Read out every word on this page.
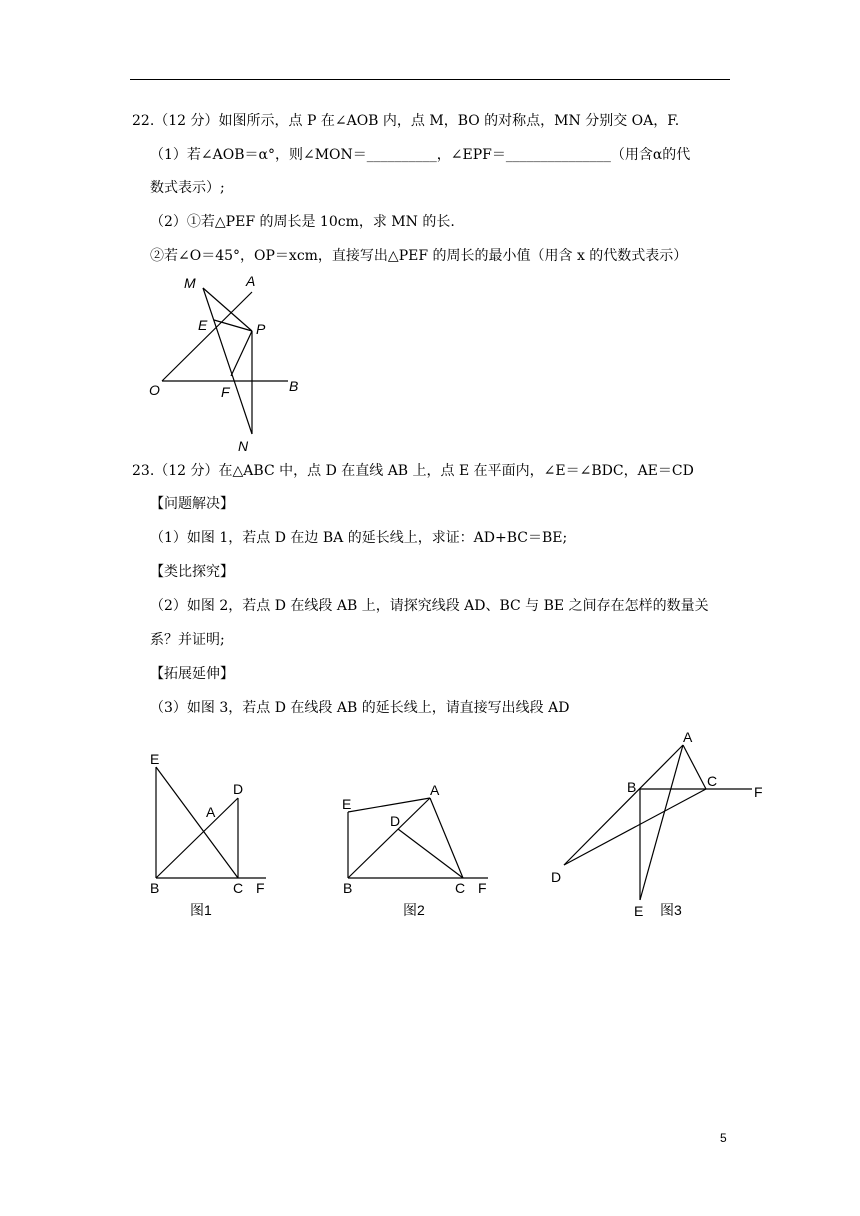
22.（12 分）如图所示，点 P 在∠AOB 内，点 M，BO 的对称点，MN 分别交 OA，F.
（1）若∠AOB＝α°，则∠MON＝__________，∠EPF＝_______________（用含α的代
数式表示）;
（2）①若△PEF 的周长是 10cm，求 MN 的长.
②若∠O＝45°，OP＝xcm，直接写出△PEF 的周长的最小值（用含 x 的代数式表示）
M	A
E	P
O	F	B
N
23.（12 分）在△ABC 中，点 D 在直线 AB 上，点 E 在平面内，∠E＝∠BDC，AE＝CD
【问题解决】
（1）如图 1，若点 D 在边 BA 的延长线上，求证：AD+BC＝BE;
【类比探究】
（2）如图 2，若点 D 在线段 AB 上，请探究线段 AD、BC 与 BE 之间存在怎样的数量关
系？并证明;
【拓展延伸】
（3）如图 3，若点 D 在线段 AB 的延长线上，请直接写出线段 AD
E
D
A
B	C F
图1
E
A
D
B	C F
图2
A
B	C
F
D
E 图3
5
